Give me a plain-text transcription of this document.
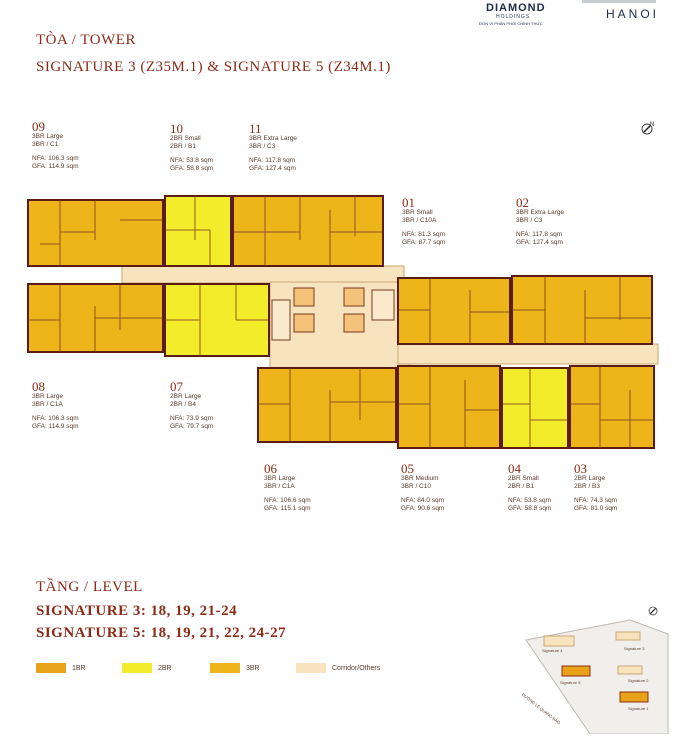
DIAMOND
HOLDINGS
ĐƠN VỊ PHÂN PHỐI CHÍNH THỨC
HANOI
TÒA / TOWER
SIGNATURE 3 (Z35M.1) & SIGNATURE 5 (Z34M.1)
N
09
3BR Large
3BR / C1
NFA: 106.3 sqm
GFA: 114.9 sqm
10
2BR Small
2BR / B1
NFA: 53.8 sqm
GFA: 58.8 sqm
11
3BR Extra Large
3BR / C3
NFA: 117.8 sqm
GFA: 127.4 sqm
01
3BR Small
3BR / C10A
NFA: 81.3 sqm
GFA: 87.7 sqm
02
3BR Extra Large
3BR / C3
NFA: 117.8 sqm
GFA: 127.4 sqm
08
3BR Large
3BR / C1A
NFA: 106.3 sqm
GFA: 114.9 sqm
07
2BR Large
2BR / B4
NFA: 73.9 sqm
GFA: 79.7 sqm
06
3BR Large
3BR / C1A
NFA: 106.6 sqm
GFA: 115.1 sqm
05
3BR Medium
3BR / C10
NFA: 84.0 sqm
GFA: 90.6 sqm
04
2BR Small
2BR / B1
NFA: 53.8 sqm
GFA: 58.8 sqm
03
2BR Large
2BR / B3
NFA: 74.3 sqm
GFA: 81.0 sqm
TẦNG / LEVEL
SIGNATURE 3: 18, 19, 21-24
SIGNATURE 5: 18, 19, 21, 22, 24-27
1BR	2BR	3BR	Corridor/Others
Signature 4	Signature 3
Signature 2
Signature 5
Signature 1
ĐƯỜNG LÊ QUANG ĐẠO
